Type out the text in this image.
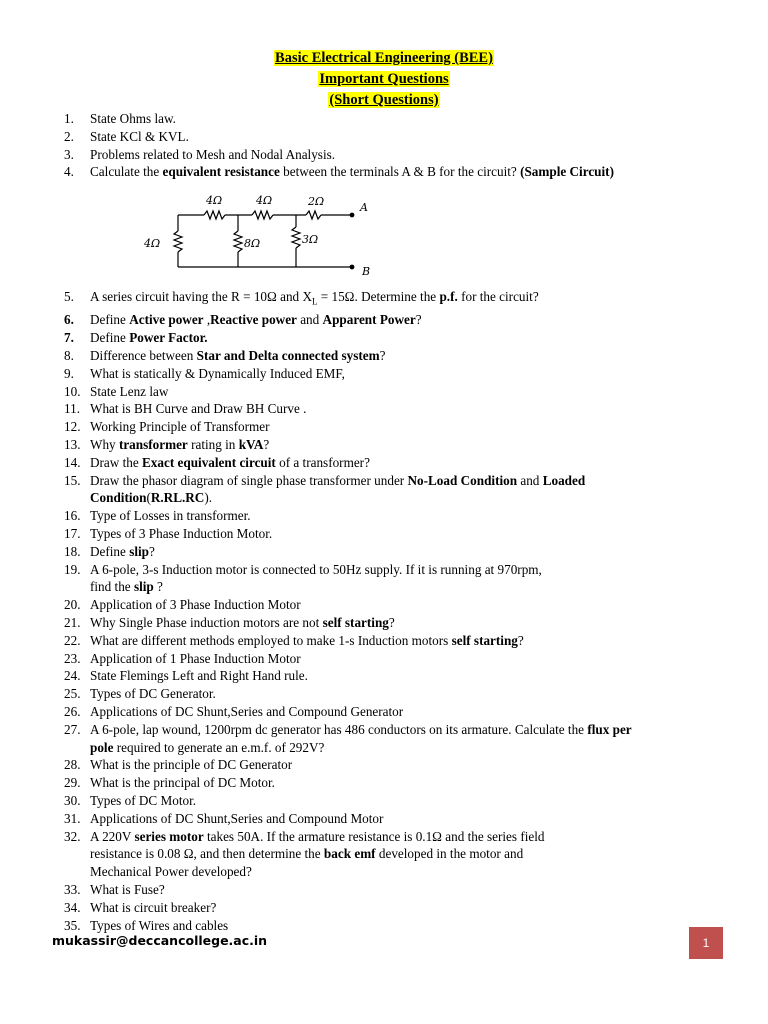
Basic Electrical Engineering (BEE)
Important Questions
(Short Questions)
1.	State Ohms law.
2.	State KCl & KVL.
3.	Problems related to Mesh and Nodal Analysis.
4.	Calculate the equivalent resistance between the terminals A & B for the circuit? (Sample Circuit)
4Ω	4Ω	2Ω
4Ω	8Ω	3Ω
A
B
5.	A series circuit having the R = 10Ω and $X_L = 15\Omega$. Determine the p.f. for the circuit?
6.	Define Active power ,Reactive power and Apparent Power?
7.	Define Power Factor.
8.	Difference between Star and Delta connected system?
9.	What is statically & Dynamically Induced EMF,
10. State Lenz law
11. What is BH Curve and Draw BH Curve .
12. Working Principle of Transformer
13. Why transformer rating in kVA?
14. Draw the Exact equivalent circuit of a transformer?
15. Draw the phasor diagram of single phase transformer under No-Load Condition and Loaded
Condition(R.RL.RC).
16. Type of Losses in transformer.
17. Types of 3 Phase Induction Motor.
18. Define slip?
19. A 6-pole, 3-ѕ Induction motor is connected to 50Hz supply. If it is running at 970rpm,
find the slip ?
20. Application of 3 Phase Induction Motor
21. Why Single Phase induction motors are not self starting?
22. What are different methods employed to make 1-ѕ Induction motors self starting?
23. Application of 1 Phase Induction Motor
24. State Flemings Left and Right Hand rule.
25. Types of DC Generator.
26. Applications of DC Shunt,Series and Compound Generator
27. A 6-pole, lap wound, 1200rpm dc generator has 486 conductors on its armature. Calculate the flux per
pole required to generate an e.m.f. of 292V?
28. What is the principle of DC Generator
29. What is the principal of DC Motor.
30. Types of DC Motor.
31. Applications of DC Shunt,Series and Compound Motor
32. A 220V series motor takes 50A. If the armature resistance is 0.1Ω and the series field
resistance is 0.08 Ω, and then determine the back emf developed in the motor and
Mechanical Power developed?
33. What is Fuse?
34. What is circuit breaker?
35. Types of Wires and cables
mukassir@deccancollege.ac.in	1
